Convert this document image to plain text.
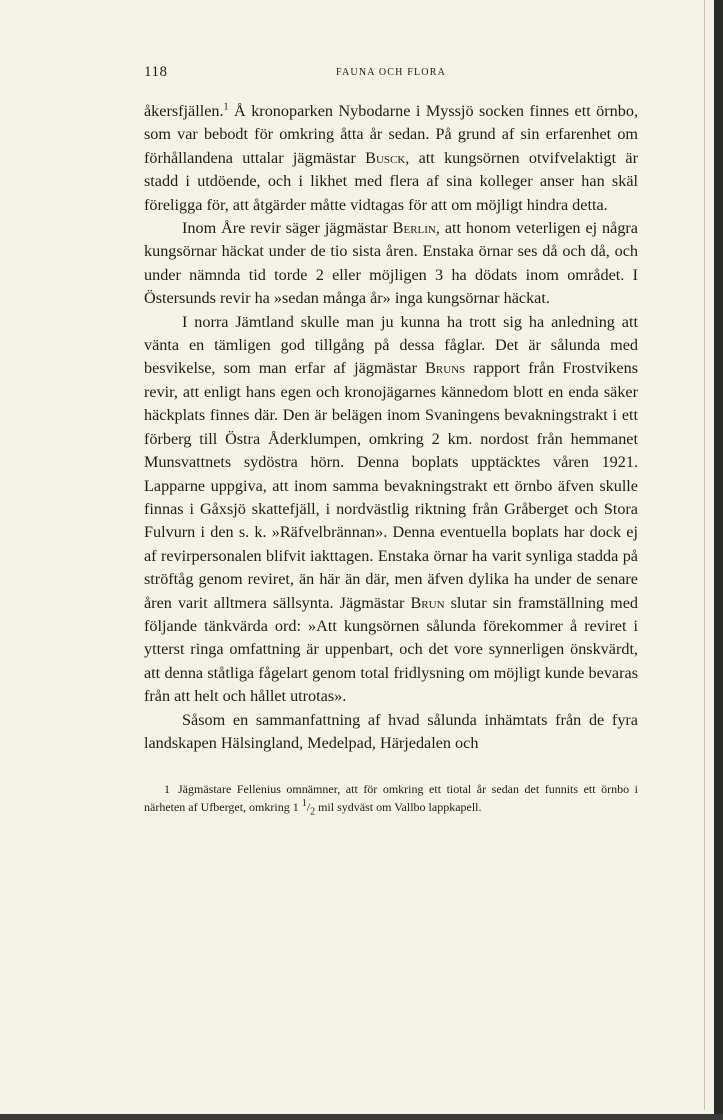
118	FAUNA OCH FLORA

åkersfjällen.$^1$ Å kronoparken Nybodarne i Myssjö socken finnes ett örnbo, som var bebodt för omkring åtta år sedan. På grund af sin erfarenhet om förhållandena uttalar jägmästar Busck, att kungsörnen otvifvelaktigt är stadd i utdöende, och i likhet med flera af sina kolleger anser han skäl föreligga för, att åtgärder måtte vidtagas för att om möjligt hindra detta.

Inom Åre revir säger jägmästar Berlin, att honom veterligen ej några kungsörnar häckat under de tio sista åren. Enstaka örnar ses då och då, och under nämnda tid torde 2 eller möjligen 3 ha dödats inom området. I Östersunds revir ha »sedan många år» inga kungsörnar häckat.

I norra Jämtland skulle man ju kunna ha trott sig ha anledning att vänta en tämligen god tillgång på dessa fåglar. Det är sålunda med besvikelse, som man erfar af jägmästar Bruns rapport från Frostvikens revir, att enligt hans egen och kronojägarnes kännedom blott en enda säker häckplats finnes där. Den är belägen inom Svaningens bevakningstrakt i ett förberg till Östra Åderklumpen, omkring 2 km. nordost från hemmanet Munsvattnets sydöstra hörn. Denna boplats upptäcktes våren 1921. Lapparne uppgiva, att inom samma bevakningstrakt ett örnbo äfven skulle finnas i Gåxsjö skattefjäll, i nordvästlig riktning från Gråberget och Stora Fulvurn i den s. k. »Räfvelbrännan». Denna eventuella boplats har dock ej af revirpersonalen blifvit iakttagen. Enstaka örnar ha varit synliga stadda på ströftåg genom reviret, än här än där, men äfven dylika ha under de senare åren varit alltmera sällsynta. Jägmästar Brun slutar sin framställning med följande tänkvärda ord: »Att kungsörnen sålunda förekommer å reviret i ytterst ringa omfattning är uppenbart, och det vore synnerligen önskvärdt, att denna ståtliga fågelart genom total fridlysning om möjligt kunde bevaras från att helt och hållet utrotas».

Såsom en sammanfattning af hvad sålunda inhämtats från de fyra landskapen Hälsingland, Medelpad, Härjedalen och

1 Jägmästare Fellenius omnämner, att för omkring ett tiotal år sedan det funnits ett örnbo i närheten af Ufberget, omkring 1 $^1/_2$ mil sydväst om Vallbo lappkapell.
